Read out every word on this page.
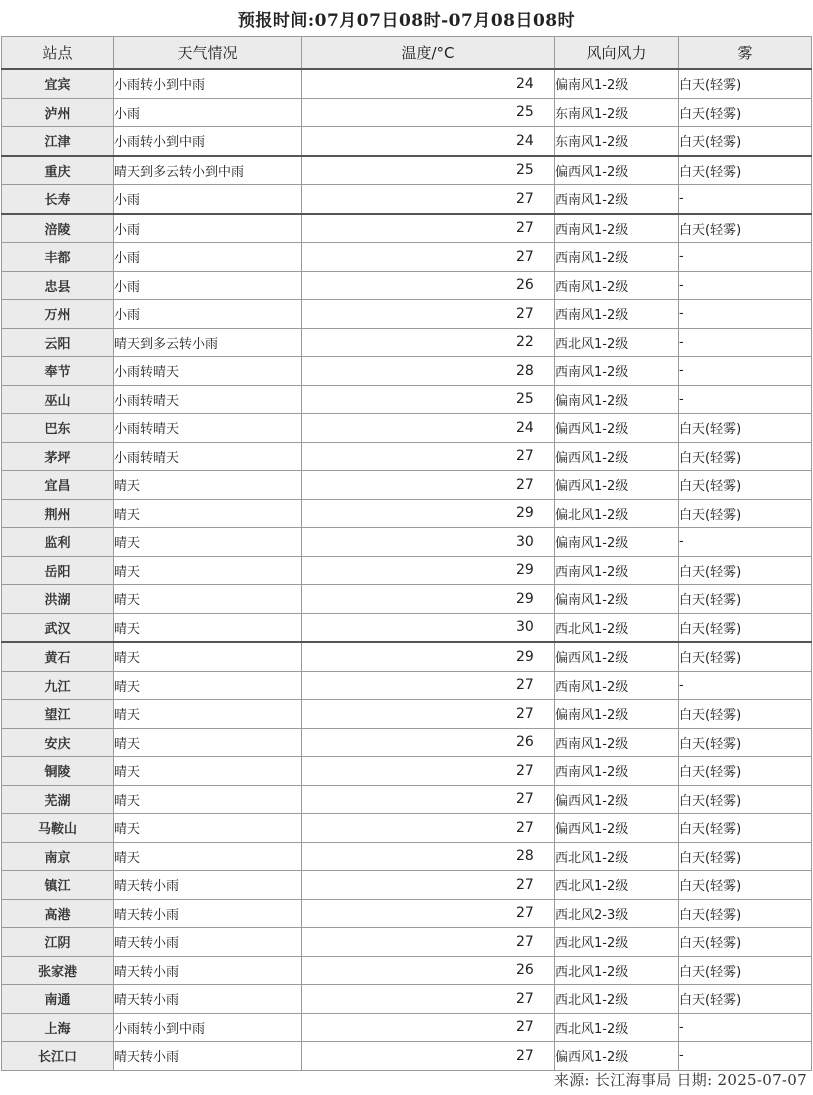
预报时间:07月07日08时-07月08日08时
站点	天气情况	温度/°C	风向风力	雾
宜宾	小雨转小到中雨	24	偏南风1-2级	白天(轻雾)
泸州	小雨	25	东南风1-2级	白天(轻雾)
江津	小雨转小到中雨	24	东南风1-2级	白天(轻雾)
重庆	晴天到多云转小到中雨	25	偏西风1-2级	白天(轻雾)
长寿	小雨	27	西南风1-2级	-
涪陵	小雨	27	西南风1-2级	白天(轻雾)
丰都	小雨	27	西南风1-2级	-
忠县	小雨	26	西南风1-2级	-
万州	小雨	27	西南风1-2级	-
云阳	晴天到多云转小雨	22	西北风1-2级	-
奉节	小雨转晴天	28	西南风1-2级	-
巫山	小雨转晴天	25	偏南风1-2级	-
巴东	小雨转晴天	24	偏西风1-2级	白天(轻雾)
茅坪	小雨转晴天	27	偏西风1-2级	白天(轻雾)
宜昌	晴天	27	偏西风1-2级	白天(轻雾)
荆州	晴天	29	偏北风1-2级	白天(轻雾)
监利	晴天	30	偏南风1-2级	-
岳阳	晴天	29	西南风1-2级	白天(轻雾)
洪湖	晴天	29	偏南风1-2级	白天(轻雾)
武汉	晴天	30	西北风1-2级	白天(轻雾)
黄石	晴天	29	偏西风1-2级	白天(轻雾)
九江	晴天	27	西南风1-2级	-
望江	晴天	27	偏南风1-2级	白天(轻雾)
安庆	晴天	26	西南风1-2级	白天(轻雾)
铜陵	晴天	27	西南风1-2级	白天(轻雾)
芜湖	晴天	27	偏西风1-2级	白天(轻雾)
马鞍山	晴天	27	偏西风1-2级	白天(轻雾)
南京	晴天	28	西北风1-2级	白天(轻雾)
镇江	晴天转小雨	27	西北风1-2级	白天(轻雾)
高港	晴天转小雨	27	西北风2-3级	白天(轻雾)
江阴	晴天转小雨	27	西北风1-2级	白天(轻雾)
张家港	晴天转小雨	26	西北风1-2级	白天(轻雾)
南通	晴天转小雨	27	西北风1-2级	白天(轻雾)
上海	小雨转小到中雨	27	西北风1-2级	-
长江口	晴天转小雨	27	偏西风1-2级	-
来源: 长江海事局 日期: 2025-07-07
